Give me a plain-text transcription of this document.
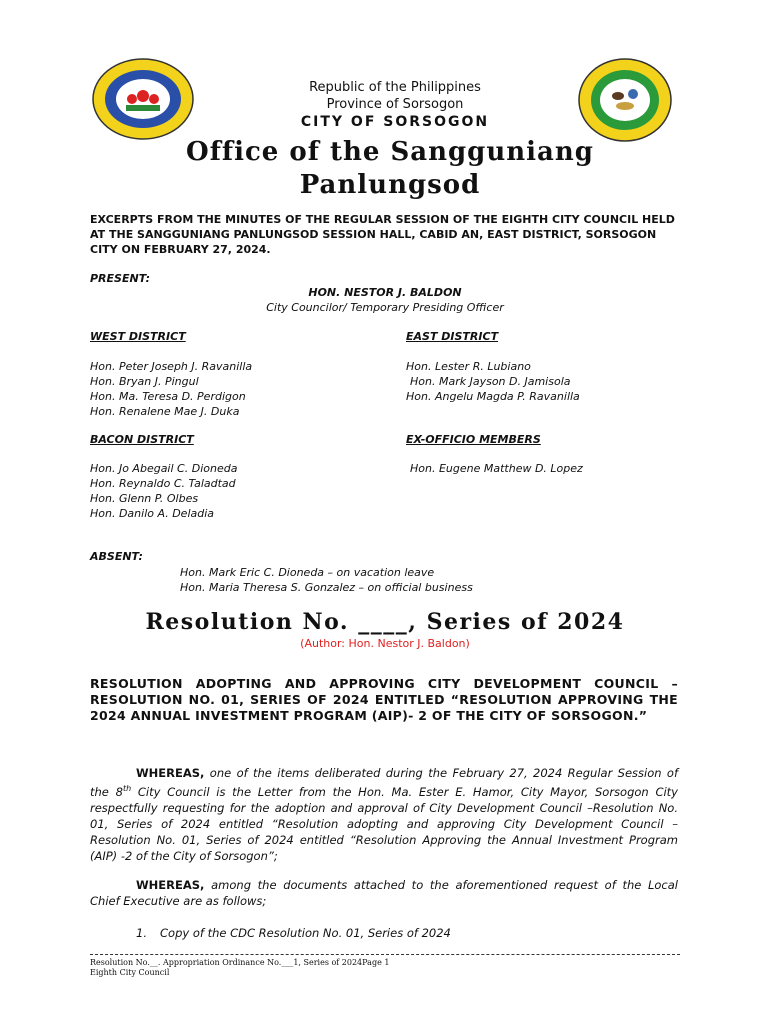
Republic of the Philippines
Province of Sorsogon
CITY OF SORSOGON
Office of the Sangguniang
Panlungsod
EXCERPTS FROM THE MINUTES OF THE REGULAR SESSION OF THE EIGHTH CITY COUNCIL HELD AT THE SANGGUNIANG PANLUNGSOD SESSION HALL, CABID AN, EAST DISTRICT, SORSOGON CITY ON FEBRUARY 27, 2024.
PRESENT:
HON. NESTOR J. BALDON
City Councilor/ Temporary Presiding Officer
WEST DISTRICT
Hon. Peter Joseph J. Ravanilla
Hon. Bryan J. Pingul
Hon. Ma. Teresa D. Perdigon
Hon. Renalene Mae J. Duka
EAST DISTRICT
Hon. Lester R. Lubiano
Hon. Mark Jayson D. Jamisola
Hon. Angelu Magda P. Ravanilla
BACON DISTRICT
Hon. Jo Abegail C. Dioneda
Hon. Reynaldo C. Taladtad
Hon. Glenn P. Olbes
Hon. Danilo A. Deladia
EX-OFFICIO MEMBERS
Hon. Eugene Matthew D. Lopez
ABSENT:
Hon. Mark Eric C. Dioneda – on vacation leave
Hon. Maria Theresa S. Gonzalez – on official business
Resolution No. ____, Series of 2024
(Author: Hon. Nestor J. Baldon)
RESOLUTION ADOPTING AND APPROVING CITY DEVELOPMENT COUNCIL – RESOLUTION NO. 01, SERIES OF 2024 ENTITLED “RESOLUTION APPROVING THE 2024 ANNUAL INVESTMENT PROGRAM (AIP)- 2 OF THE CITY OF SORSOGON.”
WHEREAS, one of the items deliberated during the February 27, 2024 Regular Session of the 8th City Council is the Letter from the Hon. Ma. Ester E. Hamor, City Mayor, Sorsogon City respectfully requesting for the adoption and approval of City Development Council –Resolution No. 01, Series of 2024 entitled “Resolution adopting and approving City Development Council – Resolution No. 01, Series of 2024 entitled “Resolution Approving the Annual Investment Program (AIP) -2 of the City of Sorsogon”;
WHEREAS, among the documents attached to the aforementioned request of the Local Chief Executive are as follows;
1. Copy of the CDC Resolution No. 01, Series of 2024
Resolution No.__. Appropriation Ordinance No.___1, Series of 2024Page 1
Eighth City Council
